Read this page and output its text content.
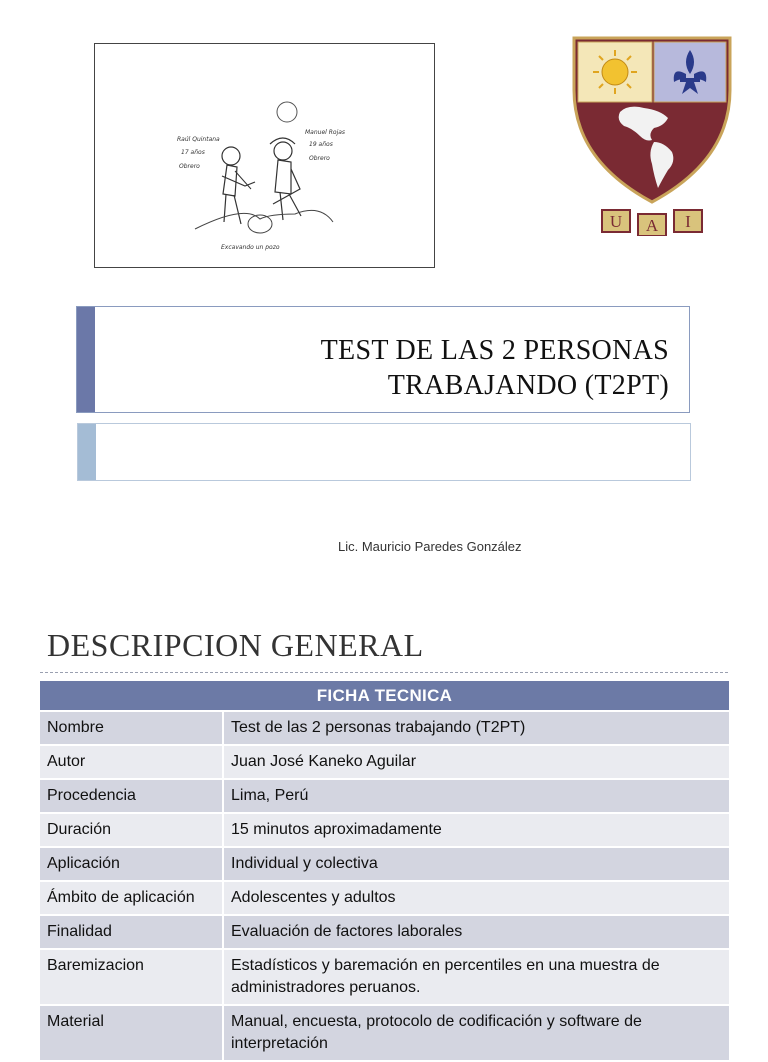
Raúl Quintana
17 años
Obrero
Manuel Rojas
19 años
Obrero
Excavando un pozo
U A I
TEST DE LAS 2 PERSONAS
TRABAJANDO (T2PT)
Lic. Mauricio Paredes González
DESCRIPCION GENERAL
FICHA TECNICA	
Nombre	Test de las 2 personas trabajando (T2PT)
Autor	Juan José Kaneko Aguilar
Procedencia	Lima, Perú
Duración	15 minutos aproximadamente
Aplicación	Individual y colectiva
Ámbito de aplicación	Adolescentes y adultos
Finalidad	Evaluación de factores laborales
Baremizacion	Estadísticos y baremación en percentiles en una muestra de administradores peruanos.
Material	Manual, encuesta, protocolo de codificación y software de interpretación
